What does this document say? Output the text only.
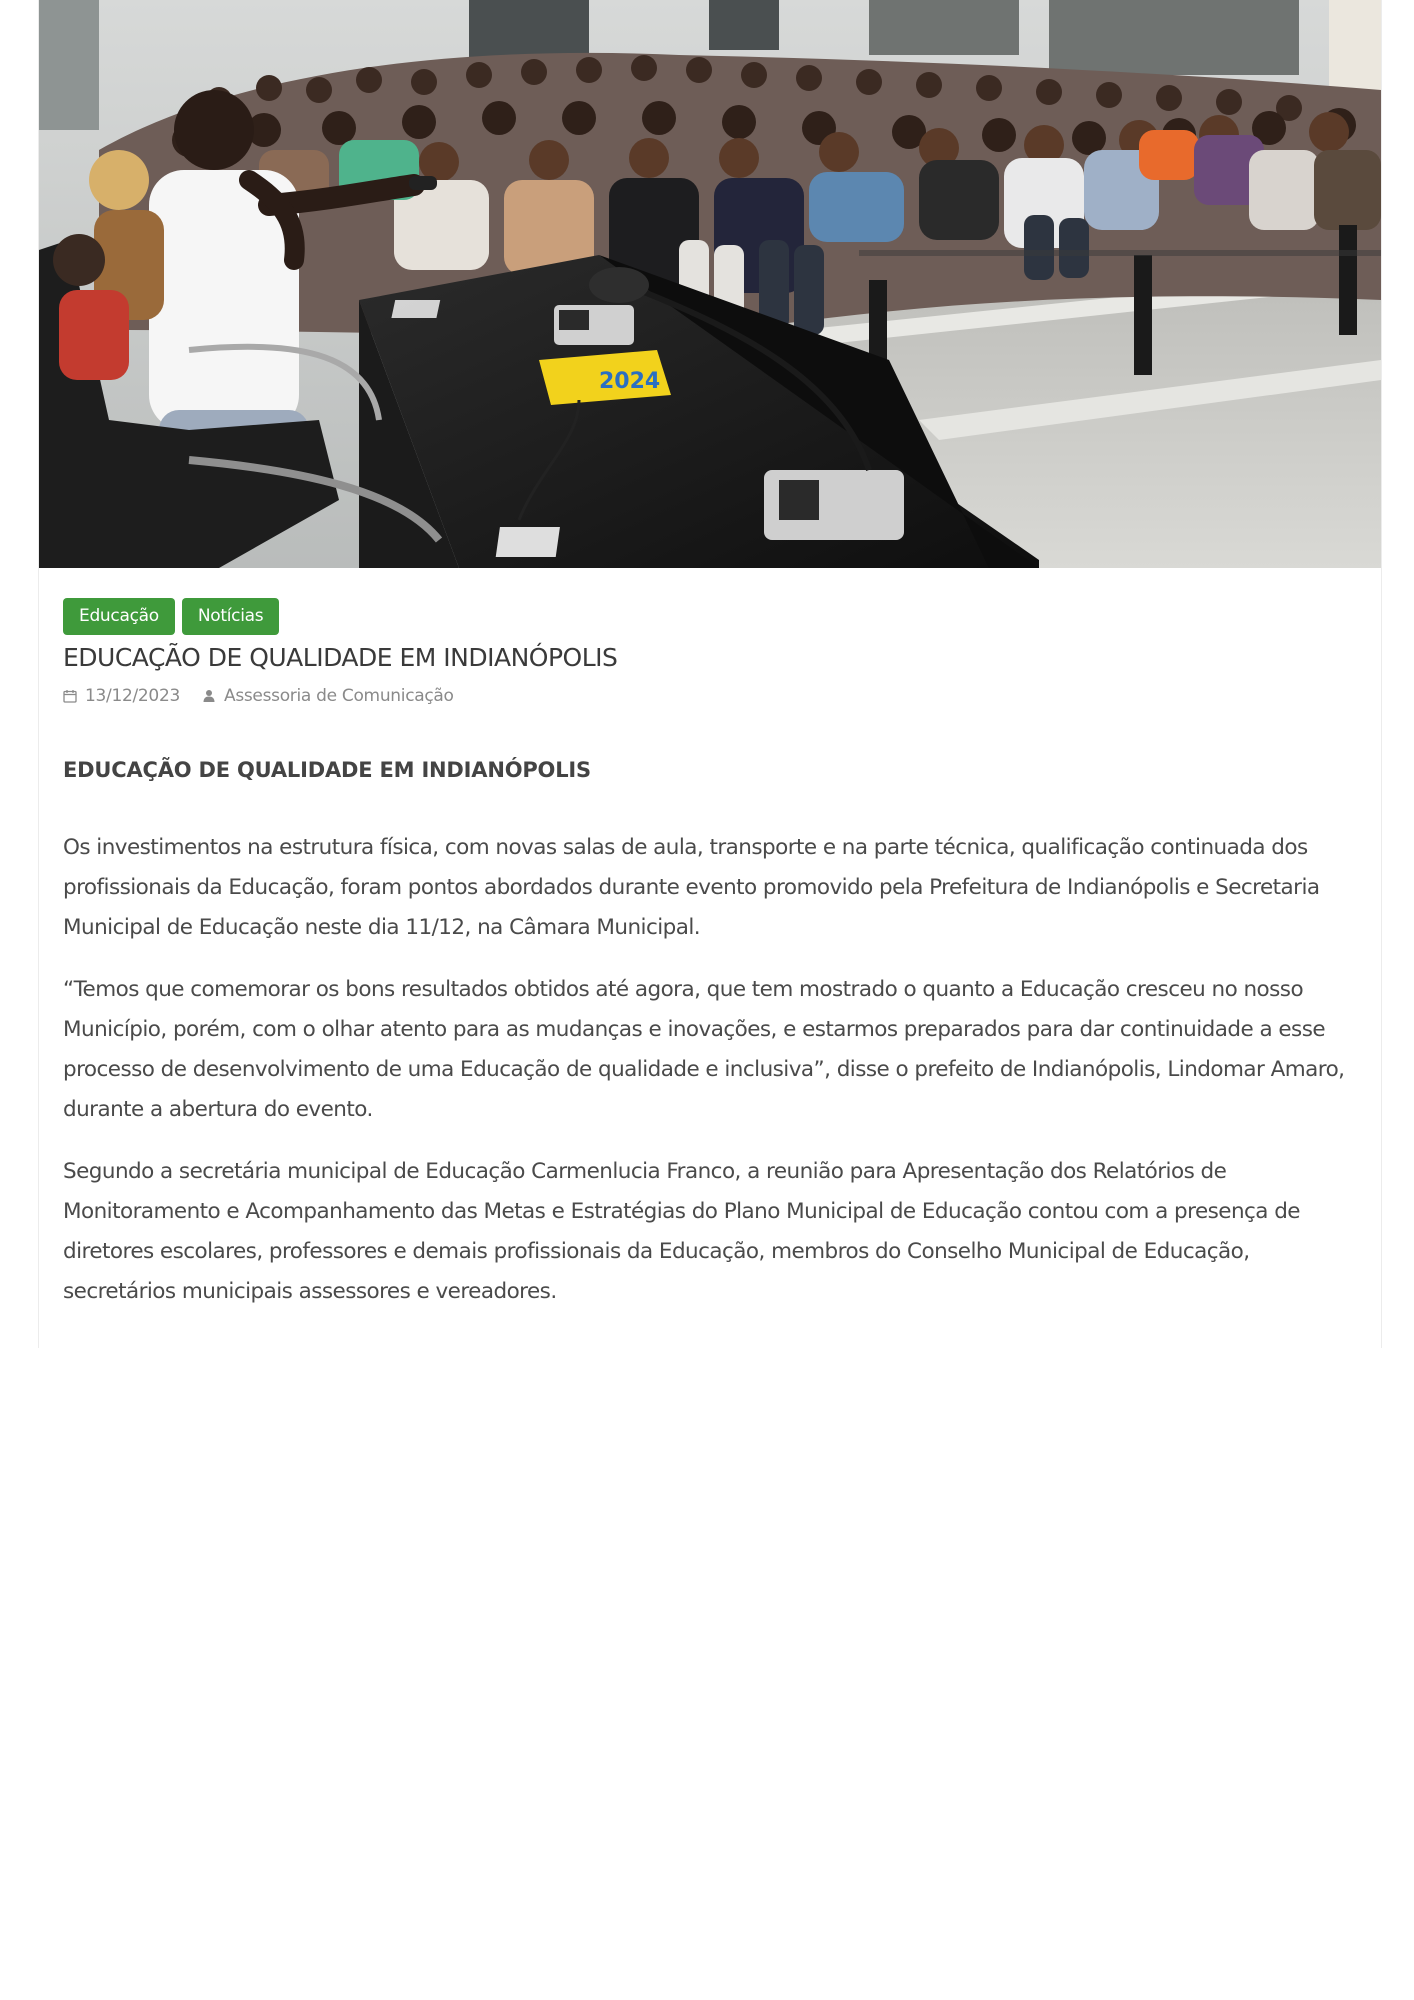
2024
Educação	Notícias
EDUCAÇÃO DE QUALIDADE EM INDIANÓPOLIS
13/12/2023	Assessoria de Comunicação
EDUCAÇÃO DE QUALIDADE EM INDIANÓPOLIS

Os investimentos na estrutura física, com novas salas de aula, transporte e na parte técnica, qualificação continuada dos profissionais da Educação, foram pontos abordados durante evento promovido pela Prefeitura de Indianópolis e Secretaria Municipal de Educação neste dia 11/12, na Câmara Municipal.

“Temos que comemorar os bons resultados obtidos até agora, que tem mostrado o quanto a Educação cresceu no nosso Município, porém, com o olhar atento para as mudanças e inovações, e estarmos preparados para dar continuidade a esse processo de desenvolvimento de uma Educação de qualidade e inclusiva”, disse o prefeito de Indianópolis, Lindomar Amaro, durante a abertura do evento.

Segundo a secretária municipal de Educação Carmenlucia Franco, a reunião para Apresentação dos Relatórios de Monitoramento e Acompanhamento das Metas e Estratégias do Plano Municipal de Educação contou com a presença de diretores escolares, professores e demais profissionais da Educação, membros do Conselho Municipal de Educação, secretários municipais assessores e vereadores.
